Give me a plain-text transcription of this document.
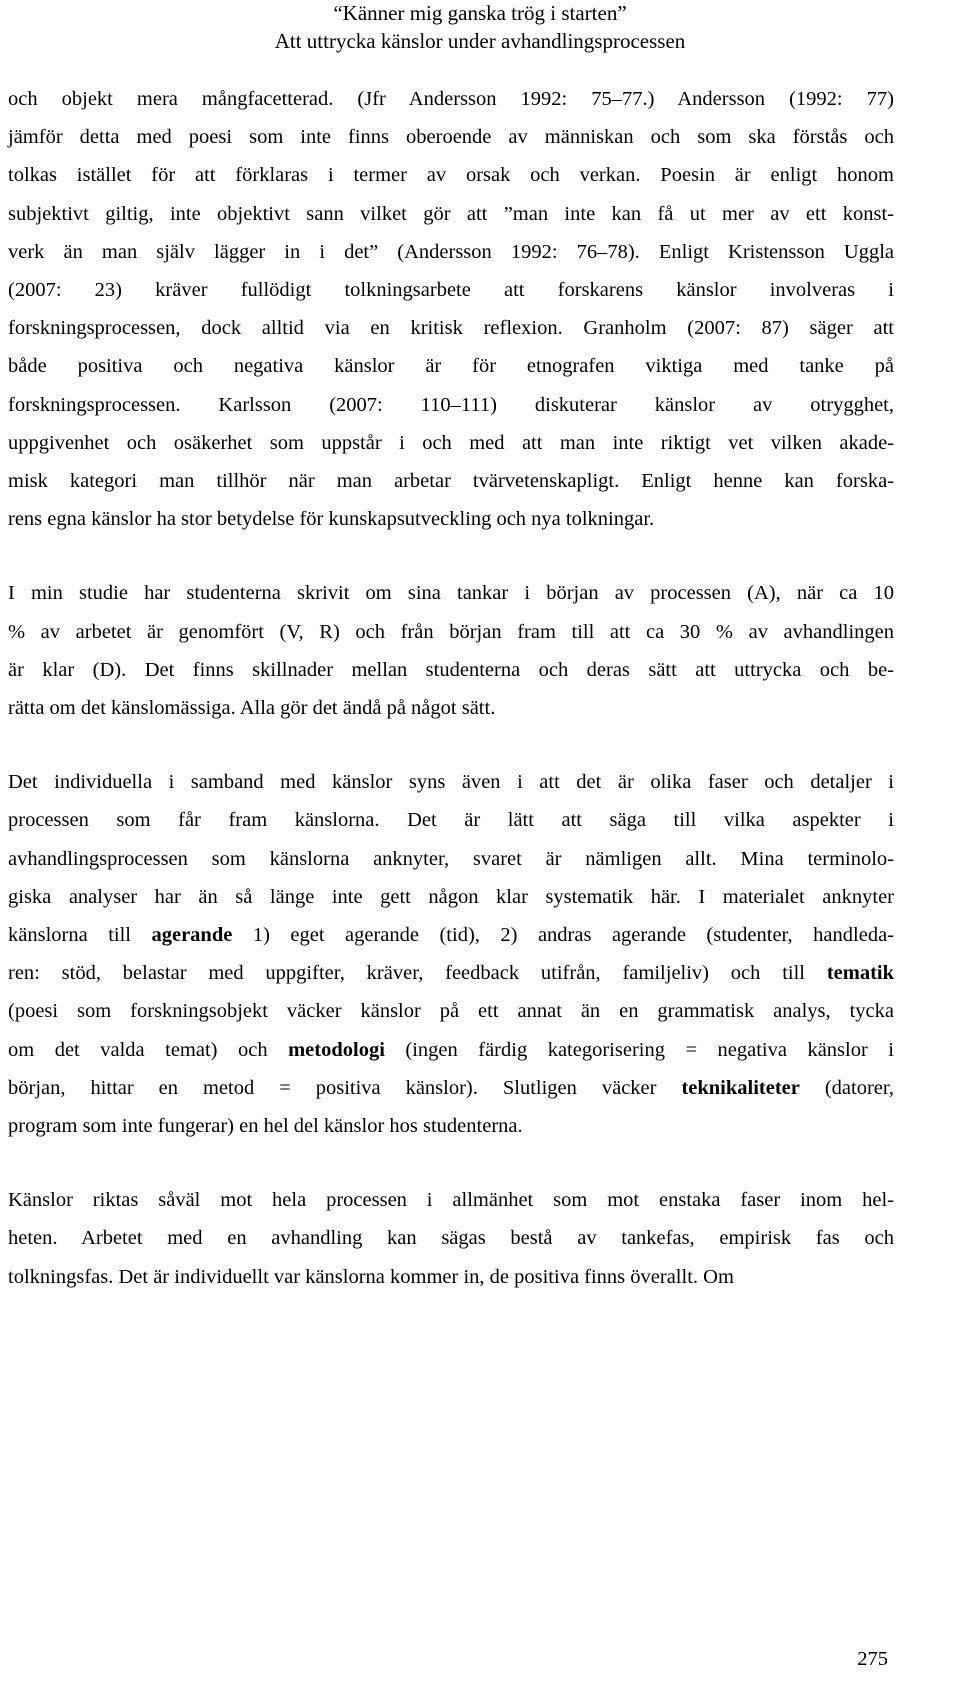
“Känner mig ganska trög i starten”
Att uttrycka känslor under avhandlingsprocessen
och objekt mera mångfacetterad. (Jfr Andersson 1992: 75–77.) Andersson (1992: 77)
jämför detta med poesi som inte finns oberoende av människan och som ska förstås och
tolkas istället för att förklaras i termer av orsak och verkan. Poesin är enligt honom
subjektivt giltig, inte objektivt sann vilket gör att ”man inte kan få ut mer av ett konst-
verk än man själv lägger in i det” (Andersson 1992: 76–78). Enligt Kristensson Uggla
(2007: 23) kräver fullödigt tolkningsarbete att forskarens känslor involveras i
forskningsprocessen, dock alltid via en kritisk reflexion. Granholm (2007: 87) säger att
både positiva och negativa känslor är för etnografen viktiga med tanke på
forskningsprocessen. Karlsson (2007: 110–111) diskuterar känslor av otrygghet,
uppgivenhet och osäkerhet som uppstår i och med att man inte riktigt vet vilken akade-
misk kategori man tillhör när man arbetar tvärvetenskapligt. Enligt henne kan forska-
rens egna känslor ha stor betydelse för kunskapsutveckling och nya tolkningar.
I min studie har studenterna skrivit om sina tankar i början av processen (A), när ca 10
% av arbetet är genomfört (V, R) och från början fram till att ca 30 % av avhandlingen
är klar (D). Det finns skillnader mellan studenterna och deras sätt att uttrycka och be-
rätta om det känslomässiga. Alla gör det ändå på något sätt.
Det individuella i samband med känslor syns även i att det är olika faser och detaljer i
processen som får fram känslorna. Det är lätt att säga till vilka aspekter i
avhandlingsprocessen som känslorna anknyter, svaret är nämligen allt. Mina terminolo-
giska analyser har än så länge inte gett någon klar systematik här. I materialet anknyter
känslorna till agerande 1) eget agerande (tid), 2) andras agerande (studenter, handleda-
ren: stöd, belastar med uppgifter, kräver, feedback utifrån, familjeliv) och till tematik
(poesi som forskningsobjekt väcker känslor på ett annat än en grammatisk analys, tycka
om det valda temat) och metodologi (ingen färdig kategorisering = negativa känslor i
början, hittar en metod = positiva känslor). Slutligen väcker teknikaliteter (datorer,
program som inte fungerar) en hel del känslor hos studenterna.
Känslor riktas såväl mot hela processen i allmänhet som mot enstaka faser inom hel-
heten. Arbetet med en avhandling kan sägas bestå av tankefas, empirisk fas och
tolkningsfas. Det är individuellt var känslorna kommer in, de positiva finns överallt. Om
275
